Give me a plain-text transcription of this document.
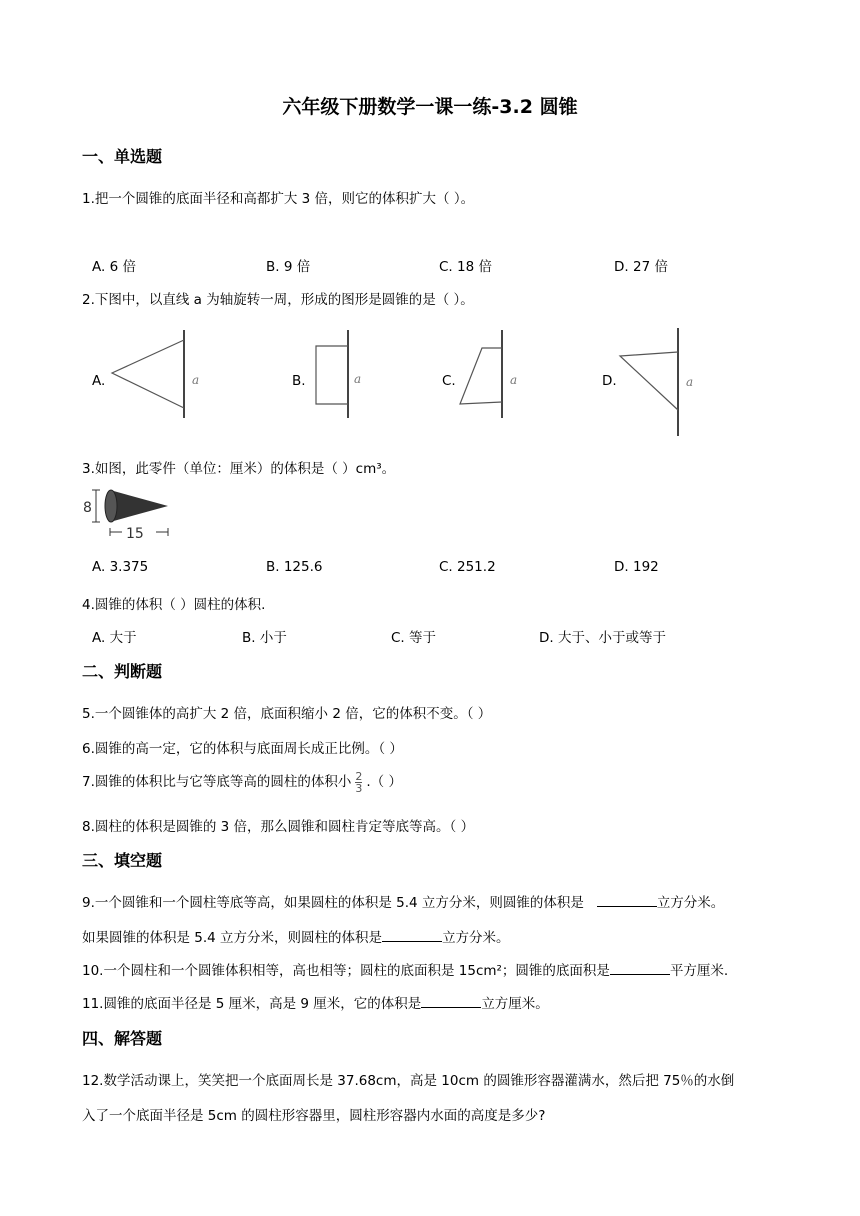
六年级下册数学一课一练-3.2 圆锥
一、单选题
1.把一个圆锥的底面半径和高都扩大 3 倍，则它的体积扩大（ ）。
A. 6 倍	B. 9 倍	C. 18 倍	D. 27 倍
2.下图中，以直线 a 为轴旋转一周，形成的图形是圆锥的是（ ）。
A.	a	B.	a	C.	a	D.	a
3.如图，此零件（单位：厘米）的体积是（ ）cm³。
8
15
A. 3.375	B. 125.6	C. 251.2	D. 192
4.圆锥的体积（ ）圆柱的体积.
A. 大于	B. 小于	C. 等于	D. 大于、小于或等于
二、判断题
5.一个圆锥体的高扩大 2 倍，底面积缩小 2 倍，它的体积不变。（ ）
6.圆锥的高一定，它的体积与底面周长成正比例。（ ）
7.圆锥的体积比与它等底等高的圆柱的体积小 $\frac{2}{3}$ .（ ）
8.圆柱的体积是圆锥的 3 倍，那么圆锥和圆柱肯定等底等高。（ ）
三、填空题
9.一个圆锥和一个圆柱等底等高，如果圆柱的体积是 5.4 立方分米，则圆锥的体积是	立方分米。
如果圆锥的体积是 5.4 立方分米，则圆柱的体积是	立方分米。
10.一个圆柱和一个圆锥体积相等，高也相等；圆柱的底面积是 15cm²；圆锥的底面积是	平方厘米.
11.圆锥的底面半径是 5 厘米，高是 9 厘米，它的体积是	立方厘米。
四、解答题
12.数学活动课上，笑笑把一个底面周长是 37.68cm，高是 10cm 的圆锥形容器灌满水，然后把 75％的水倒
入了一个底面半径是 5cm 的圆柱形容器里，圆柱形容器内水面的高度是多少?
